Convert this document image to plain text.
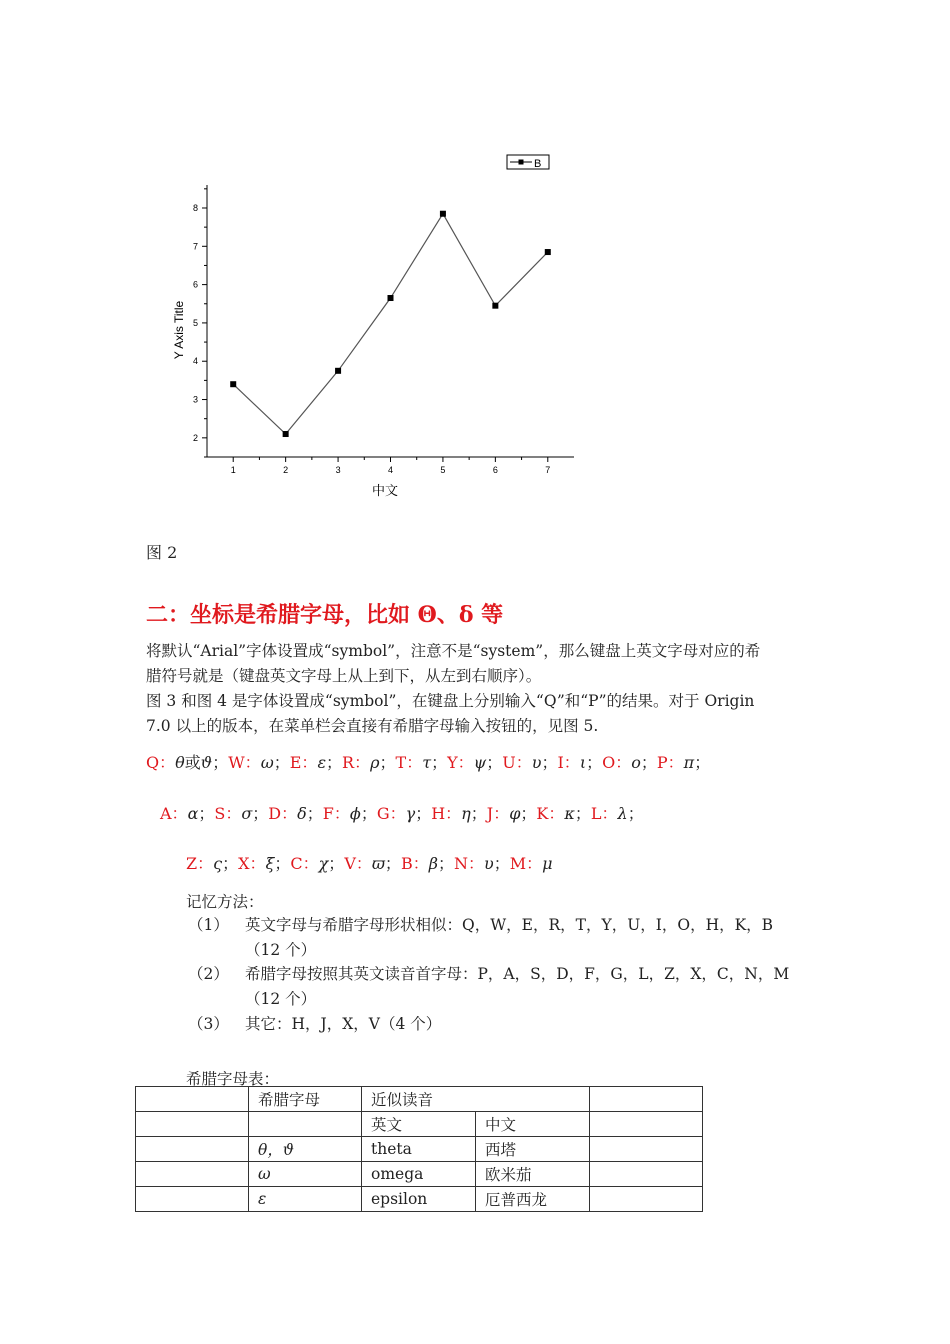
1	2	3	4	5	6	7
2
3
4
5
6
7
8
B
中文
Y Axis Title
图 2
二：坐标是希腊字母，比如 Θ、δ 等
将默认“Arial”字体设置成“symbol”，注意不是“system”，那么键盘上英文字母对应的希
腊符号就是（键盘英文字母上从上到下，从左到右顺序）。
图 3 和图 4 是字体设置成“symbol”，在键盘上分别输入“Q”和“P”的结果。对于 Origin
7.0 以上的版本，在菜单栏会直接有希腊字母输入按钮的，见图 5.
Q：θ或ϑ；W：ω；E：ε；R：ρ；T：τ；Y：ψ；U：υ；I：ι；O：ο；P：π；
A：α；S：σ；D：δ；F：ϕ；G：γ；H：η；J：φ；K：κ；L：λ；
Z：ς；X：ξ；C：χ；V：ϖ；B：β；N：υ；M：μ
记忆方法：
（1） 英文字母与希腊字母形状相似：Q，W，E，R，T，Y，U，I，O，H，K，B （12 个）
（2） 希腊字母按照其英文读音首字母：P，A，S，D，F，G，L，Z，X，C，N，M （12 个）
（3） 其它：H，J，X，V（4 个）
希腊字母表：
	希腊字母	近似读音		
		英文	中文	
	θ，ϑ	theta	西塔	
	ω	omega	欧米茄	
	ε	epsilon	厄普西龙	
